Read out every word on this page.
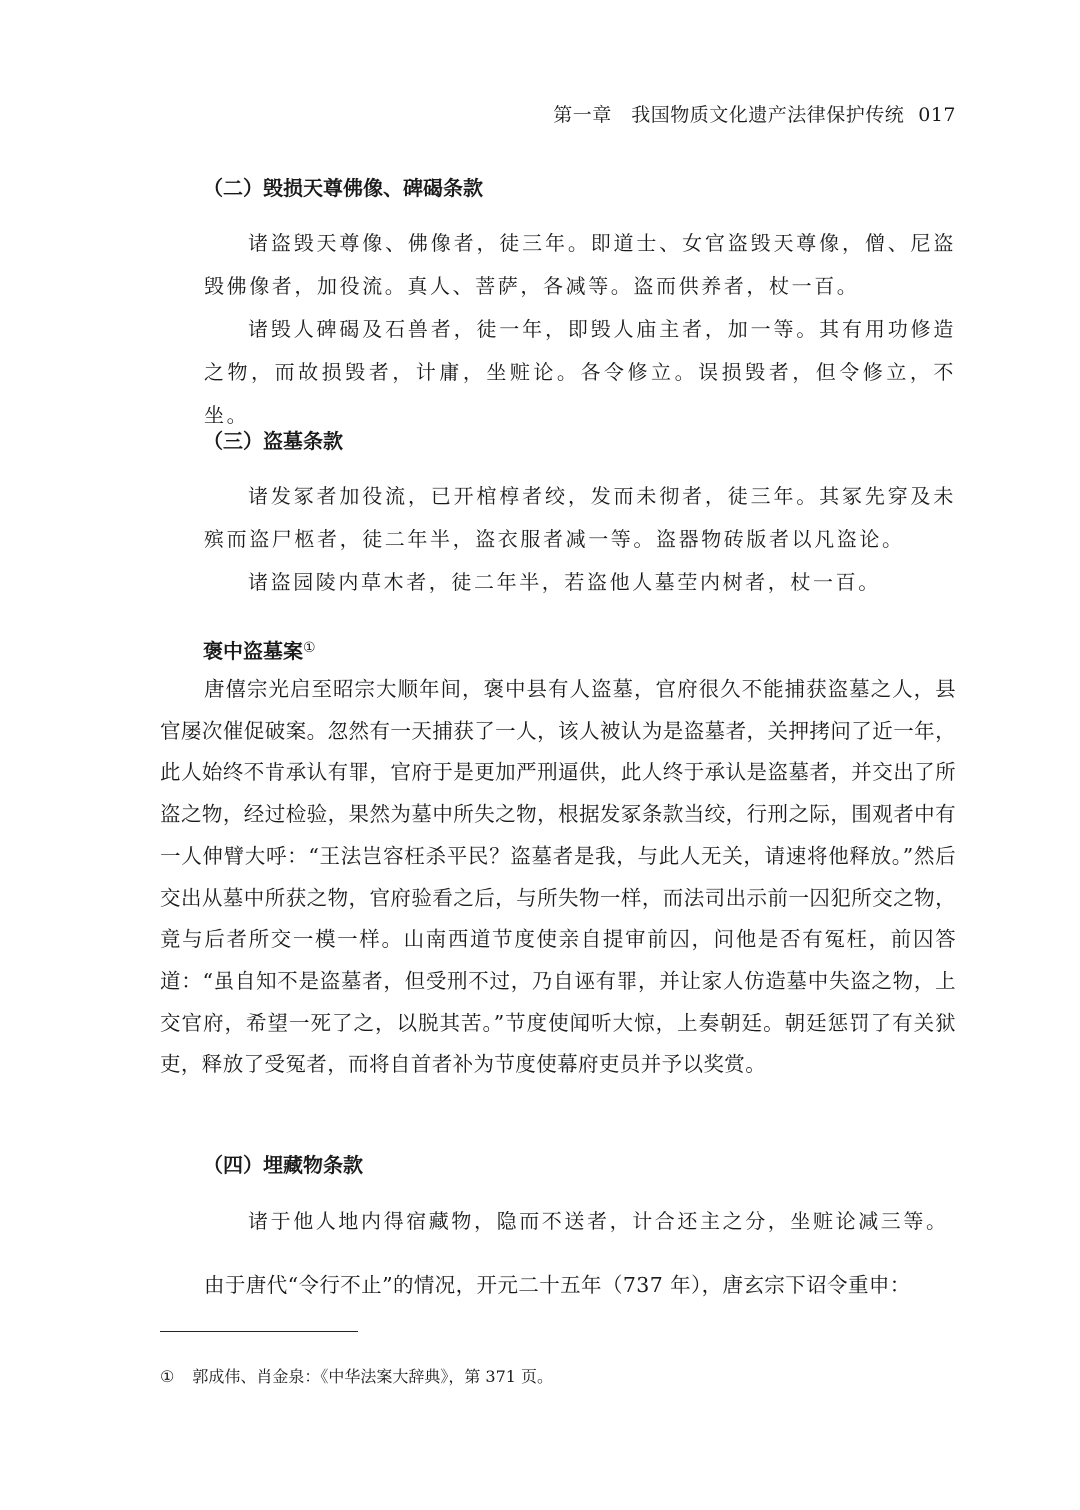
第一章　我国物质文化遗产法律保护传统 017
（二）毁损天尊佛像、碑碣条款
诸盗毁天尊像、佛像者，徒三年。即道士、女官盗毁天尊像，僧、尼盗毁佛像者，加役流。真人、菩萨，各减等。盗而供养者，杖一百。
诸毁人碑碣及石兽者，徒一年，即毁人庙主者，加一等。其有用功修造之物，而故损毁者，计庸，坐赃论。各令修立。误损毁者，但令修立，不坐。
（三）盗墓条款
诸发冢者加役流，已开棺椁者绞，发而未彻者，徒三年。其冢先穿及未殡而盗尸柩者，徒二年半，盗衣服者减一等。盗器物砖版者以凡盗论。
诸盗园陵内草木者，徒二年半，若盗他人墓茔内树者，杖一百。
褒中盗墓案①
唐僖宗光启至昭宗大顺年间，褒中县有人盗墓，官府很久不能捕获盗墓之人，县官屡次催促破案。忽然有一天捕获了一人，该人被认为是盗墓者，关押拷问了近一年，此人始终不肯承认有罪，官府于是更加严刑逼供，此人终于承认是盗墓者，并交出了所盗之物，经过检验，果然为墓中所失之物，根据发冢条款当绞，行刑之际，围观者中有一人伸臂大呼：“王法岂容枉杀平民？盗墓者是我，与此人无关，请速将他释放。”然后交出从墓中所获之物，官府验看之后，与所失物一样，而法司出示前一囚犯所交之物，竟与后者所交一模一样。山南西道节度使亲自提审前囚，问他是否有冤枉，前囚答道：“虽自知不是盗墓者，但受刑不过，乃自诬有罪，并让家人仿造墓中失盗之物，上交官府，希望一死了之，以脱其苦。”节度使闻听大惊，上奏朝廷。朝廷惩罚了有关狱吏，释放了受冤者，而将自首者补为节度使幕府吏员并予以奖赏。
（四）埋藏物条款
诸于他人地内得宿藏物，隐而不送者，计合还主之分，坐赃论减三等。
由于唐代“令行不止”的情况，开元二十五年（737 年），唐玄宗下诏令重申：
① 郭成伟、肖金泉：《中华法案大辞典》，第 371 页。
